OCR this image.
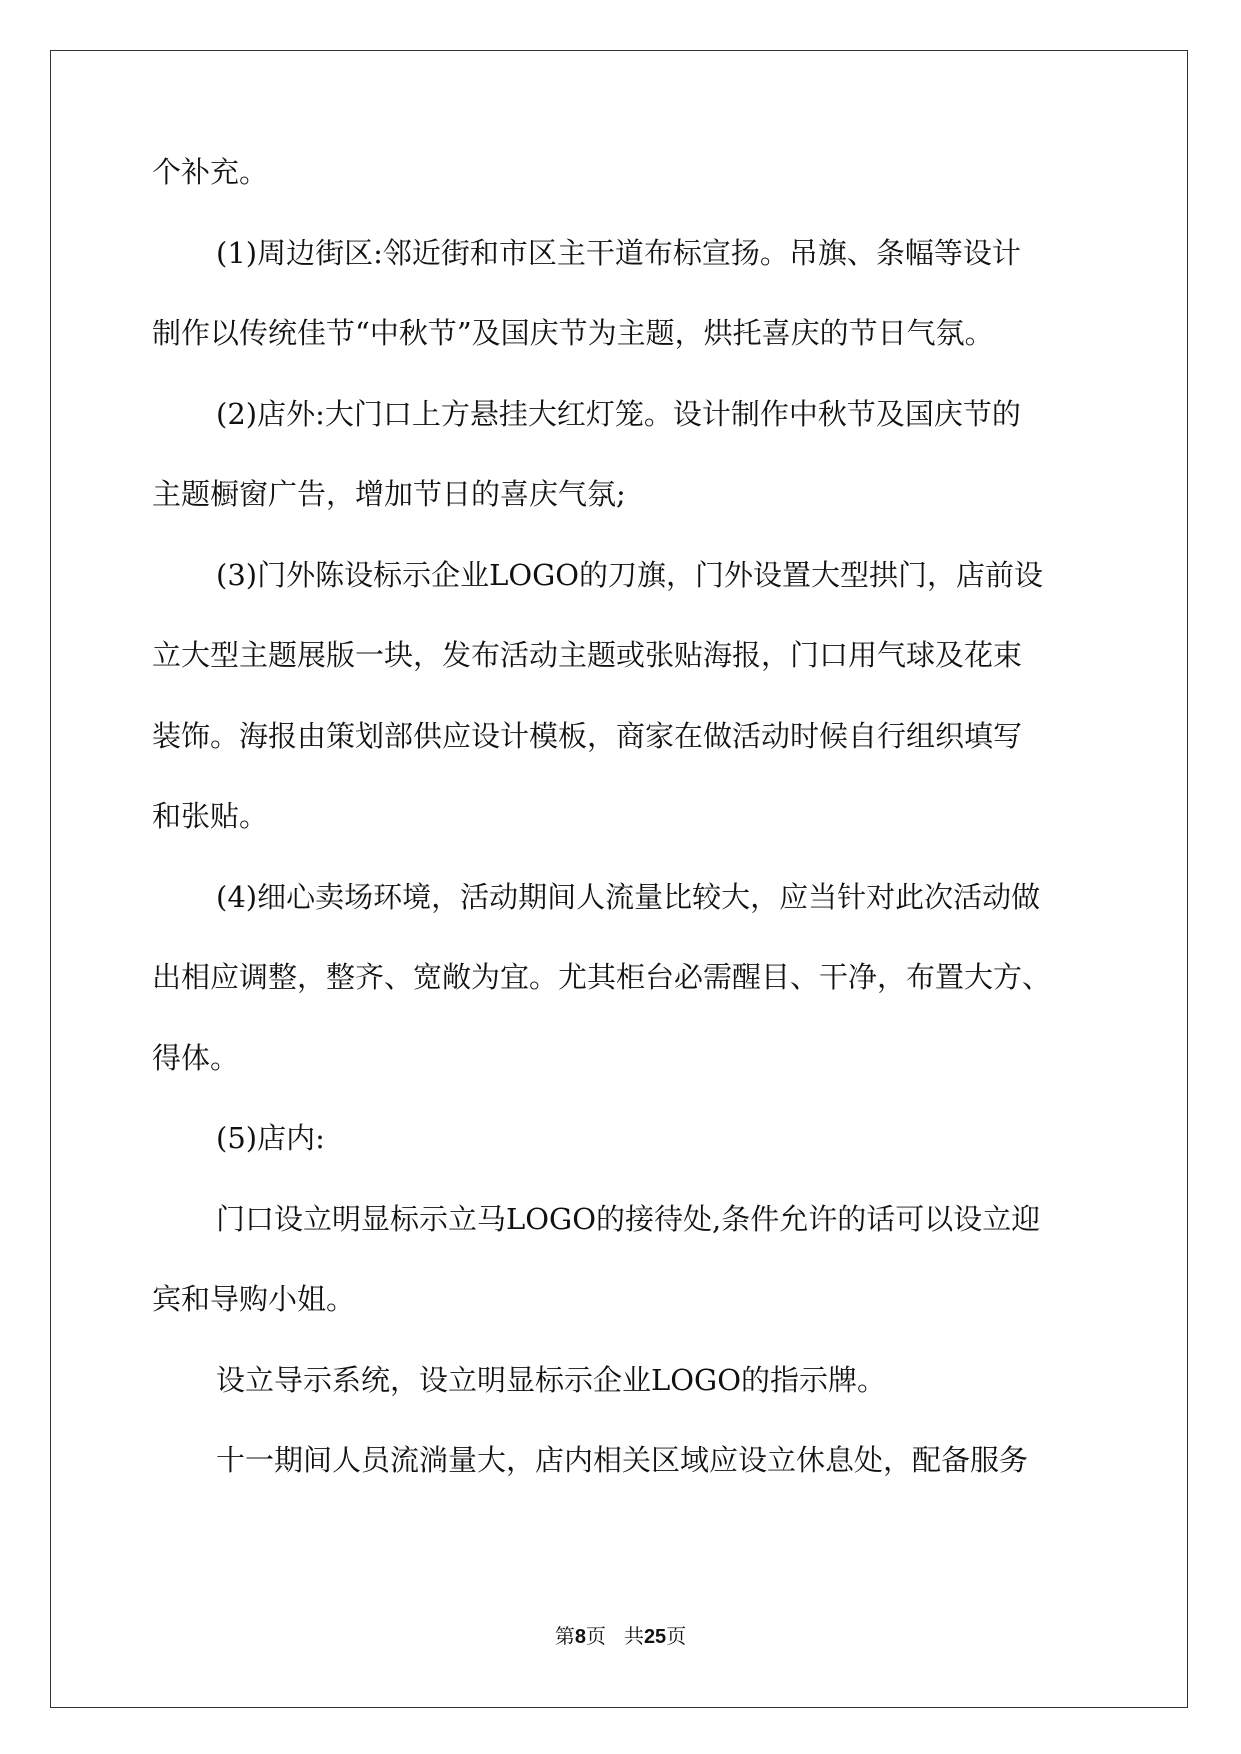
个补充。
(1)周边街区:邻近街和市区主干道布标宣扬。吊旗、条幅等设计
制作以传统佳节“中秋节”及国庆节为主题，烘托喜庆的节日气氛。
(2)店外:大门口上方悬挂大红灯笼。设计制作中秋节及国庆节的
主题橱窗广告，增加节日的喜庆气氛;
(3)门外陈设标示企业LOGO的刀旗，门外设置大型拱门，店前设
立大型主题展版一块，发布活动主题或张贴海报，门口用气球及花束
装饰。海报由策划部供应设计模板，商家在做活动时候自行组织填写
和张贴。
(4)细心卖场环境，活动期间人流量比较大，应当针对此次活动做
出相应调整，整齐、宽敞为宜。尤其柜台必需醒目、干净，布置大方、
得体。
(5)店内:
门口设立明显标示立马LOGO的接待处,条件允许的话可以设立迎
宾和导购小姐。
设立导示系统，设立明显标示企业LOGO的指示牌。
十一期间人员流淌量大，店内相关区域应设立休息处，配备服务
第8页 共25页
